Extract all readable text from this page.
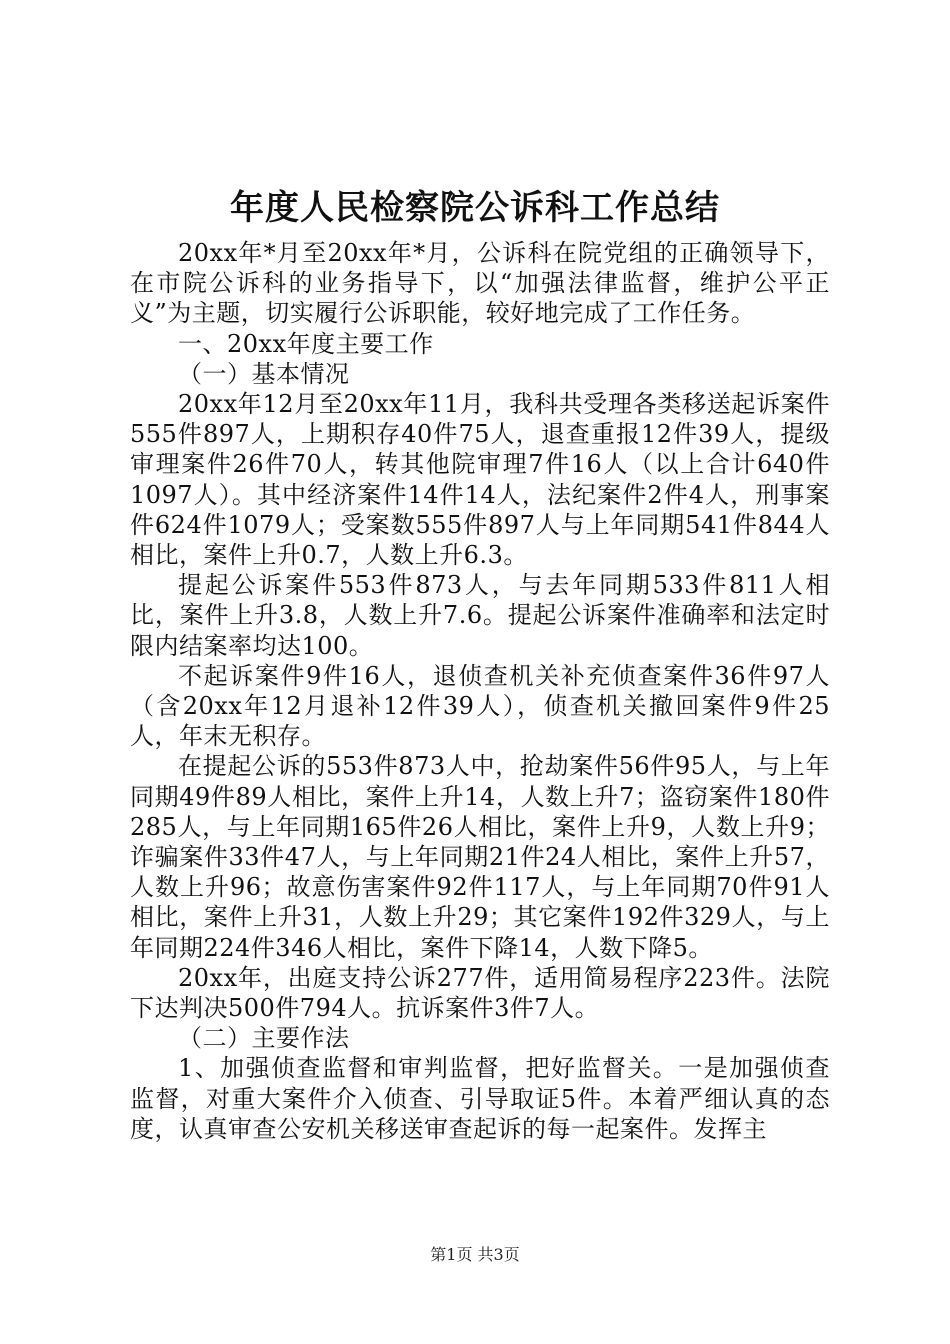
年度人民检察院公诉科工作总结

20xx年*月至20xx年*月，公诉科在院党组的正确领导下，在市院公诉科的业务指导下，以“加强法律监督，维护公平正义”为主题，切实履行公诉职能，较好地完成了工作任务。

一、20xx年度主要工作

（一）基本情况

20xx年12月至20xx年11月，我科共受理各类移送起诉案件555件897人，上期积存40件75人，退查重报12件39人，提级审理案件26件70人，转其他院审理7件16人（以上合计640件1097人）。其中经济案件14件14人，法纪案件2件4人，刑事案件624件1079人；受案数555件897人与上年同期541件844人相比，案件上升0.7，人数上升6.3。

提起公诉案件553件873人，与去年同期533件811人相比，案件上升3.8，人数上升7.6。提起公诉案件准确率和法定时限内结案率均达100。

不起诉案件9件16人，退侦查机关补充侦查案件36件97人（含20xx年12月退补12件39人），侦查机关撤回案件9件25人，年末无积存。

在提起公诉的553件873人中，抢劫案件56件95人，与上年同期49件89人相比，案件上升14，人数上升7；盗窃案件180件285人，与上年同期165件26人相比，案件上升9，人数上升9；诈骗案件33件47人，与上年同期21件24人相比，案件上升57，人数上升96；故意伤害案件92件117人，与上年同期70件91人相比，案件上升31，人数上升29；其它案件192件329人，与上年同期224件346人相比，案件下降14，人数下降5。

20xx年，出庭支持公诉277件，适用简易程序223件。法院下达判决500件794人。抗诉案件3件7人。

（二）主要作法

1、加强侦查监督和审判监督，把好监督关。一是加强侦查监督，对重大案件介入侦查、引导取证5件。本着严细认真的态度，认真审查公安机关移送审查起诉的每一起案件。发挥主

第1页 共3页
